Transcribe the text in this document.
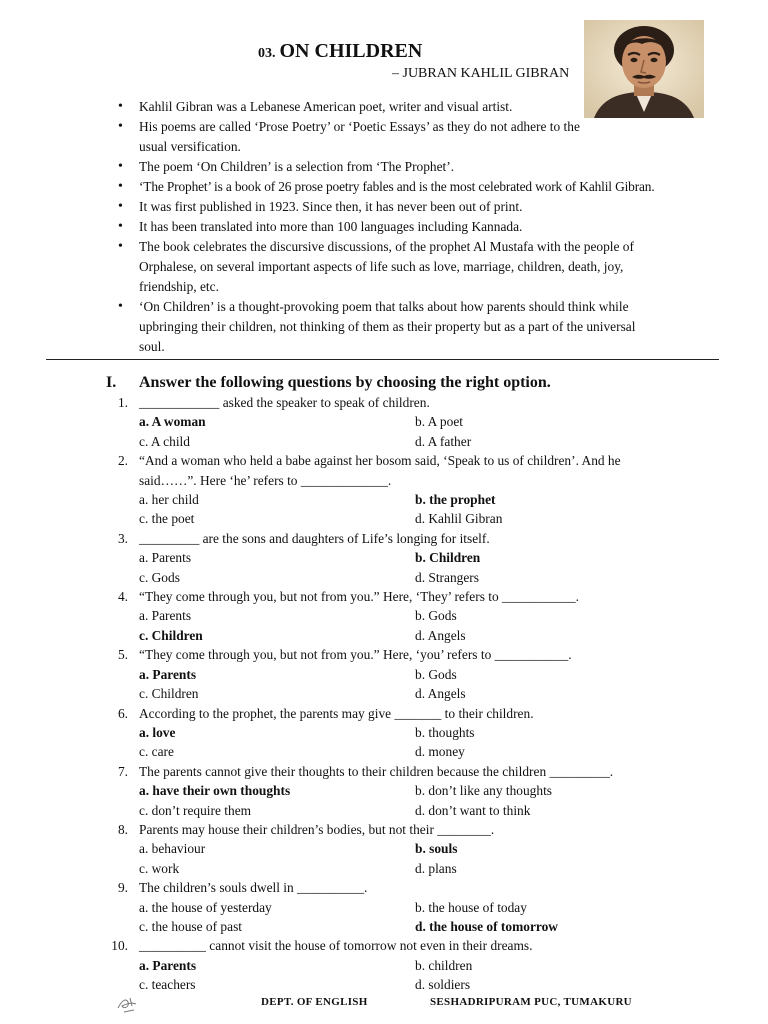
03. ON CHILDREN
– JUBRAN KAHLIL GIBRAN
• Kahlil Gibran was a Lebanese American poet, writer and visual artist.
• His poems are called ‘Prose Poetry’ or ‘Poetic Essays’ as they do not adhere to the usual versification.
• The poem ‘On Children’ is a selection from ‘The Prophet’.
• ‘The Prophet’ is a book of 26 prose poetry fables and is the most celebrated work of Kahlil Gibran.
• It was first published in 1923. Since then, it has never been out of print.
• It has been translated into more than 100 languages including Kannada.
• The book celebrates the discursive discussions, of the prophet Al Mustafa with the people of Orphalese, on several important aspects of life such as love, marriage, children, death, joy, friendship, etc.
• ‘On Children’ is a thought-provoking poem that talks about how parents should think while upbringing their children, not thinking of them as their property but as a part of the universal soul.
I. Answer the following questions by choosing the right option.
1. ____________ asked the speaker to speak of children.
a. A woman	b. A poet
c. A child	d. A father
2. “And a woman who held a babe against her bosom said, ‘Speak to us of children’. And he said……”. Here ‘he’ refers to _____________.
a. her child	b. the prophet
c. the poet	d. Kahlil Gibran
3. _________ are the sons and daughters of Life’s longing for itself.
a. Parents	b. Children
c. Gods	d. Strangers
4. “They come through you, but not from you.” Here, ‘They’ refers to ___________.
a. Parents	b. Gods
c. Children	d. Angels
5. “They come through you, but not from you.” Here, ‘you’ refers to ___________.
a. Parents	b. Gods
c. Children	d. Angels
6. According to the prophet, the parents may give _______ to their children.
a. love	b. thoughts
c. care	d. money
7. The parents cannot give their thoughts to their children because the children _________.
a. have their own thoughts	b. don’t like any thoughts
c. don’t require them	d. don’t want to think
8. Parents may house their children’s bodies, but not their ________.
a. behaviour	b. souls
c. work	d. plans
9. The children’s souls dwell in __________.
a. the house of yesterday	b. the house of today
c. the house of past	d. the house of tomorrow
10. __________ cannot visit the house of tomorrow not even in their dreams.
a. Parents	b. children
c. teachers	d. soldiers
DEPT. OF ENGLISH	SESHADRIPURAM PUC, TUMAKURU
